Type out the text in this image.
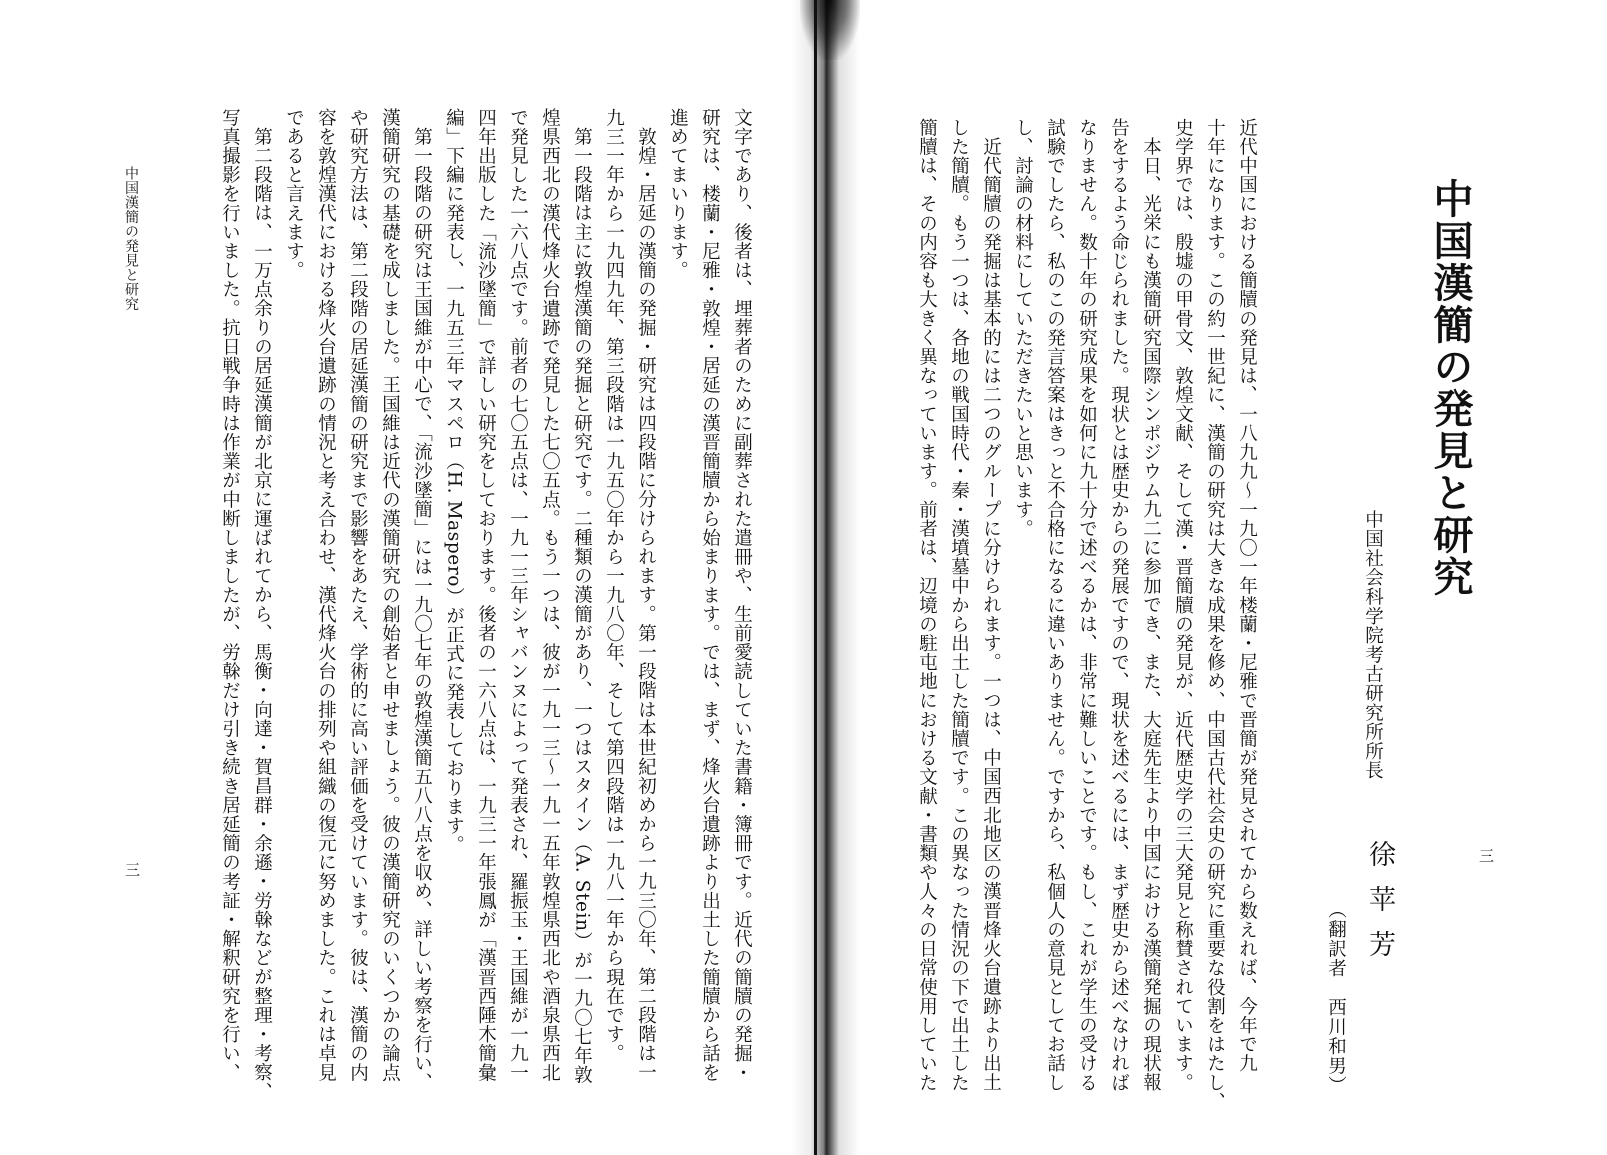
中国漢簡の発見と研究
中国社会科学院考古研究所所長
徐苹芳
（翻訳者　西川和男）
三
近代中国における簡牘の発見は、一八九九〜一九〇一年楼蘭・尼雅で晋簡が発見されてから数えれば、今年で九
十年になります。この約一世紀に、漢簡の研究は大きな成果を修め、中国古代社会史の研究に重要な役割をはたし、
史学界では、殷墟の甲骨文、敦煌文献、そして漢・晋簡牘の発見が、近代歴史学の三大発見と称賛されています。
本日、光栄にも漢簡研究国際シンポジウム九二に参加でき、また、大庭先生より中国における漢簡発掘の現状報
告をするよう命じられました。現状とは歴史からの発展ですので、現状を述べるには、まず歴史から述べなければ
なりません。数十年の研究成果を如何に九十分で述べるかは、非常に難しいことです。もし、これが学生の受ける
試験でしたら、私のこの発言答案はきっと不合格になるに違いありません。ですから、私個人の意見としてお話し
し、討論の材料にしていただきたいと思います。
近代簡牘の発掘は基本的には二つのグループに分けられます。一つは、中国西北地区の漢晋烽火台遺跡より出土
した簡牘。もう一つは、各地の戦国時代・秦・漢墳墓中から出土した簡牘です。この異なった情況の下で出土した
簡牘は、その内容も大きく異なっています。前者は、辺境の駐屯地における文献・書類や人々の日常使用していた
中国漢簡の発見と研究
三	文字であり、後者は、埋葬者のために副葬された遣冊や、生前愛読していた書籍・簿冊です。近代の簡牘の発掘・
研究は、楼蘭・尼雅・敦煌・居延の漢晋簡牘から始まります。では、まず、烽火台遺跡より出土した簡牘から話を
進めてまいります。
敦煌・居延の漢簡の発掘・研究は四段階に分けられます。第一段階は本世紀初めから一九三〇年、第二段階は一
九三一年から一九四九年、第三段階は一九五〇年から一九八〇年、そして第四段階は一九八一年から現在です。
第一段階は主に敦煌漢簡の発掘と研究です。二種類の漢簡があり、一つはスタイン（A. Stein）が一九〇七年敦
煌県西北の漢代烽火台遺跡で発見した七〇五点。もう一つは、彼が一九一三〜一九一五年敦煌県西北や酒泉県西北
で発見した一六八点です。前者の七〇五点は、一九一三年シャバンヌによって発表され、羅振玉・王国維が一九一
四年出版した「流沙墜簡」で詳しい研究をしております。後者の一六八点は、一九三一年張鳳が「漢晋西陲木簡彙
編」下編に発表し、一九五三年マスペロ（H. Maspero）が正式に発表しております。
第一段階の研究は王国維が中心で、「流沙墜簡」には一九〇七年の敦煌漢簡五八八点を収め、詳しい考察を行い、
漢簡研究の基礎を成しました。王国維は近代の漢簡研究の創始者と申せましょう。彼の漢簡研究のいくつかの論点
や研究方法は、第二段階の居延漢簡の研究まで影響をあたえ、学術的に高い評価を受けています。彼は、漢簡の内
容を敦煌漢代における烽火台遺跡の情況と考え合わせ、漢代烽火台の排列や組織の復元に努めました。これは卓見
であると言えます。
第二段階は、一万点余りの居延漢簡が北京に運ばれてから、馬衡・向達・賀昌群・余遜・労榦などが整理・考察、
写真撮影を行いました。抗日戦争時は作業が中断しましたが、労榦だけ引き続き居延簡の考証・解釈研究を行い、
